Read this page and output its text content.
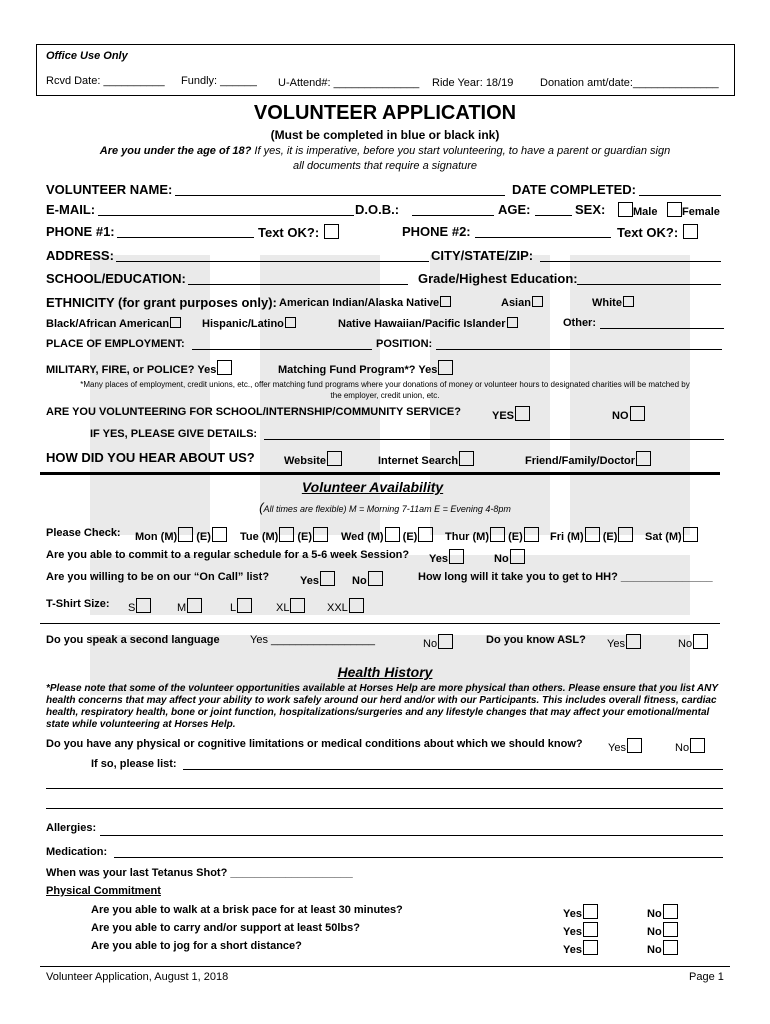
Office Use Only
Rcvd Date: __________ Fundly: ______ U-Attend#: ______________ Ride Year: 18/19 Donation amt/date:______________
VOLUNTEER APPLICATION
(Must be completed in blue or black ink)
Are you under the age of 18? If yes, it is imperative, before you start volunteering, to have a parent or guardian sign
all documents that require a signature
VOLUNTEER NAME:	DATE COMPLETED:
E-MAIL:	D.O.B.:	AGE:	SEX:	Male	Female
PHONE #1:	Text OK?:	PHONE #2:	Text OK?:
ADDRESS:	CITY/STATE/ZIP:
SCHOOL/EDUCATION:	Grade/Highest Education:
ETHNICITY (for grant purposes only): American Indian/Alaska Native	Asian	White
Black/African American	Hispanic/Latino	Native Hawaiian/Pacific Islander	Other:
PLACE OF EMPLOYMENT:	POSITION:
MILITARY, FIRE, or POLICE? Yes	Matching Fund Program*? Yes
*Many places of employment, credit unions, etc., offer matching fund programs where your donations of money or volunteer hours to designated charities will be matched by
the employer, credit union, etc.
ARE YOU VOLUNTEERING FOR SCHOOL/INTERNSHIP/COMMUNITY SERVICE?	YES	NO
IF YES, PLEASE GIVE DETAILS:
HOW DID YOU HEAR ABOUT US?	Website	Internet Search	Friend/Family/Doctor
Volunteer Availability
(All times are flexible) M = Morning 7-11am E = Evening 4-8pm
Please Check: Mon (M) (E)	Tue (M) (E)	Wed (M) (E)	Thur (M) (E)	Fri (M) (E)	Sat (M)
Are you able to commit to a regular schedule for a 5-6 week Session? Yes	No
Are you willing to be on our “On Call” list?	Yes	No	How long will it take you to get to HH? _______________
T-Shirt Size: S	M	L	XL	XXL
Do you speak a second language	Yes _________________	No	Do you know ASL? Yes	No
Health History
*Please note that some of the volunteer opportunities available at Horses Help are more physical than others. Please ensure that you list ANY
health concerns that may affect your ability to work safely around our herd and/or with our Participants. This includes overall fitness, cardiac
health, respiratory health, bone or joint function, hospitalizations/surgeries and any lifestyle changes that may affect your emotional/mental
state while volunteering at Horses Help.
Do you have any physical or cognitive limitations or medical conditions about which we should know? Yes	No
If so, please list:
Allergies:
Medication:
When was your last Tetanus Shot? ____________________
Physical Commitment
Are you able to walk at a brisk pace for at least 30 minutes?	Yes	No
Are you able to carry and/or support at least 50lbs?	Yes	No
Are you able to jog for a short distance?	Yes	No
Volunteer Application, August 1, 2018	Page 1
